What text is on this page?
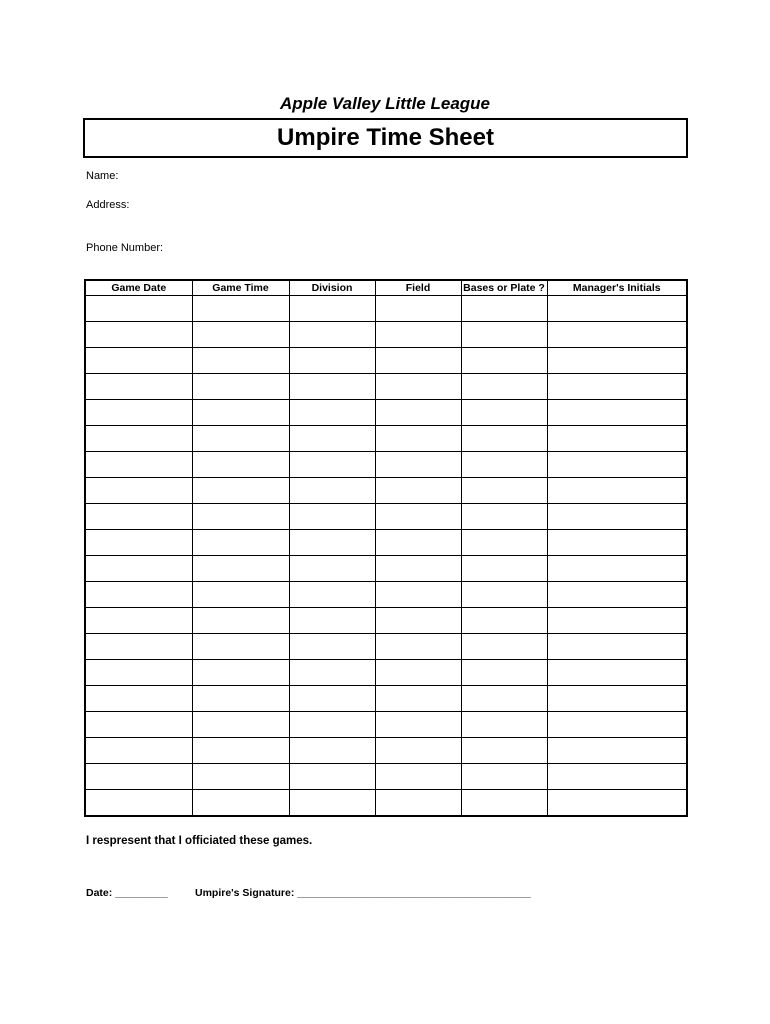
Apple Valley Little League
Umpire Time Sheet
Name:
Address:
Phone Number:
Game Date	Game Time	Division	Field	Bases or Plate ?	Manager's Initials

I respresent that I officiated these games.
Date: _________	Umpire's Signature: ________________________________________
